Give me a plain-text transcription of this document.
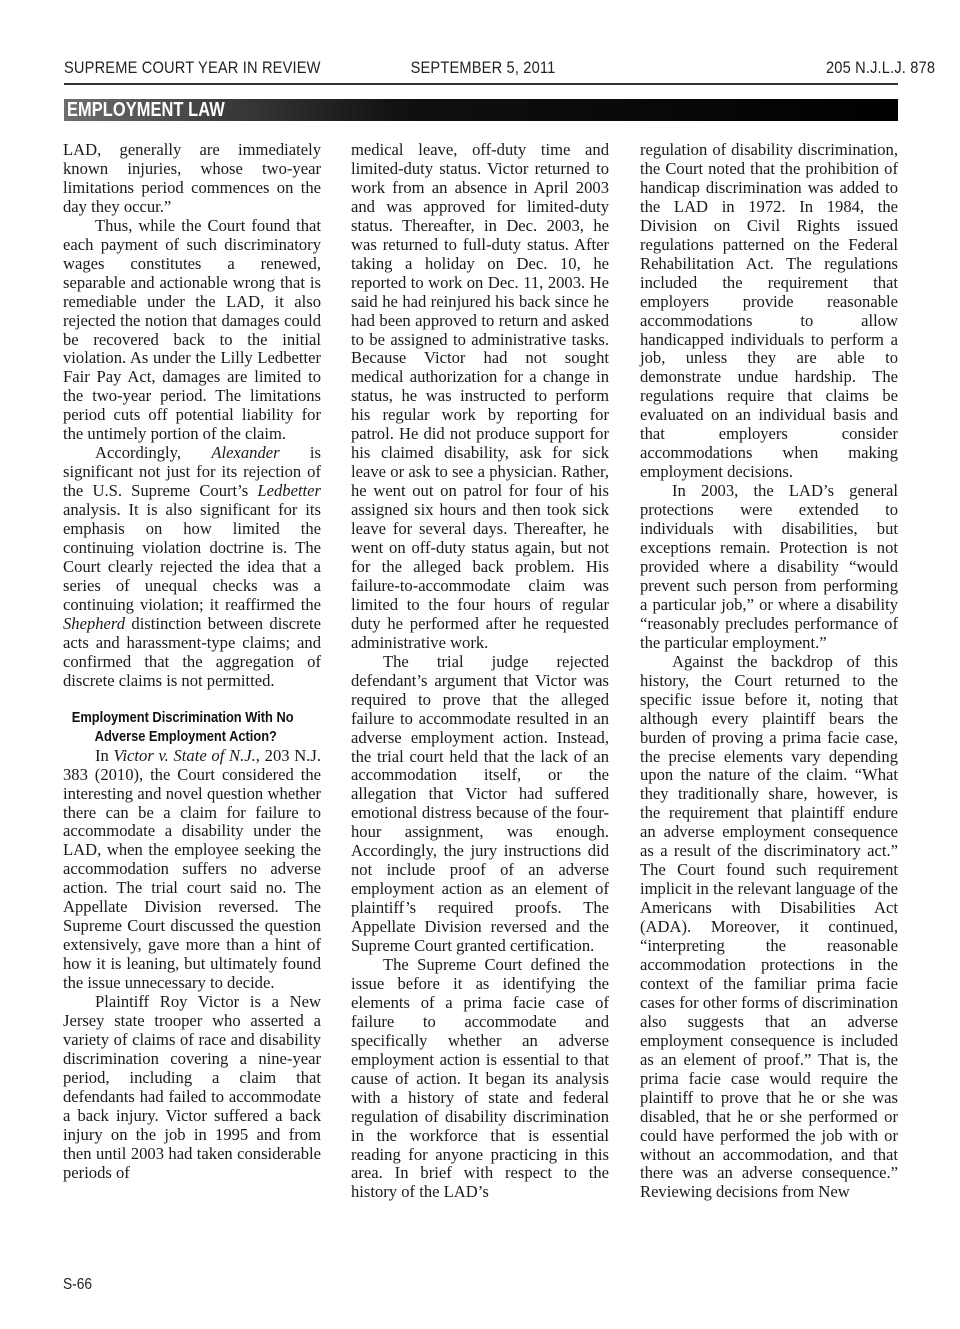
SUPREME COURT YEAR IN REVIEW	SEPTEMBER 5, 2011	205 N.J.L.J. 878
EMPLOYMENT LAW

LAD, generally are immediately known injuries, whose two-year limitations period commences on the day they occur.”

Thus, while the Court found that each payment of such discriminatory wages constitutes a renewed, separable and actionable wrong that is remediable under the LAD, it also rejected the notion that damages could be recovered back to the initial violation. As under the Lilly Ledbetter Fair Pay Act, damages are limited to the two-year period. The limitations period cuts off potential liability for the untimely portion of the claim.

Accordingly, Alexander is significant not just for its rejection of the U.S. Supreme Court’s Ledbetter analysis. It is also significant for its emphasis on how limited the continuing violation doctrine is. The Court clearly rejected the idea that a series of unequal checks was a continuing violation; it reaffirmed the Shepherd distinction between discrete acts and harassment-type claims; and confirmed that the aggregation of discrete claims is not permitted.

Employment Discrimination With No
Adverse Employment Action?

In Victor v. State of N.J., 203 N.J. 383 (2010), the Court considered the interesting and novel question whether there can be a claim for failure to accommodate a disability under the LAD, when the employee seeking the accommodation suffers no adverse action. The trial court said no. The Appellate Division reversed. The Supreme Court discussed the question extensively, gave more than a hint of how it is leaning, but ultimately found the issue unnecessary to decide.

Plaintiff Roy Victor is a New Jersey state trooper who asserted a variety of claims of race and disability discrimination covering a nine-year period, including a claim that defendants had failed to accommodate a back injury. Victor suffered a back injury on the job in 1995 and from then until 2003 had taken considerable periods of

medical leave, off-duty time and limited-duty status. Victor returned to work from an absence in April 2003 and was approved for limited-duty status. Thereafter, in Dec. 2003, he was returned to full-duty status. After taking a holiday on Dec. 10, he reported to work on Dec. 11, 2003. He said he had reinjured his back since he had been approved to return and asked to be assigned to administrative tasks. Because Victor had not sought medical authorization for a change in status, he was instructed to perform his regular work by reporting for patrol. He did not produce support for his claimed disability, ask for sick leave or ask to see a physician. Rather, he went out on patrol for four of his assigned six hours and then took sick leave for several days. Thereafter, he went on off-duty status again, but not for the alleged back problem. His failure-to-accommodate claim was limited to the four hours of regular duty he performed after he requested administrative work.

The trial judge rejected defendant’s argument that Victor was required to prove that the alleged failure to accommodate resulted in an adverse employment action. Instead, the trial court held that the lack of an accommodation itself, or the allegation that Victor had suffered emotional distress because of the four-hour assignment, was enough. Accordingly, the jury instructions did not include proof of an adverse employment action as an element of plaintiff’s required proofs. The Appellate Division reversed and the Supreme Court granted certification.

The Supreme Court defined the issue before it as identifying the elements of a prima facie case of failure to accommodate and specifically whether an adverse employment action is essential to that cause of action. It began its analysis with a history of state and federal regulation of disability discrimination in the workforce that is essential reading for anyone practicing in this area. In brief with respect to the history of the LAD’s

regulation of disability discrimination, the Court noted that the prohibition of handicap discrimination was added to the LAD in 1972. In 1984, the Division on Civil Rights issued regulations patterned on the Federal Rehabilitation Act. The regulations included the requirement that employers provide reasonable accommodations to allow handicapped individuals to perform a job, unless they are able to demonstrate undue hardship. The regulations require that claims be evaluated on an individual basis and that employers consider accommodations when making employment decisions.

In 2003, the LAD’s general protections were extended to individuals with disabilities, but exceptions remain. Protection is not provided where a disability “would prevent such person from performing a particular job,” or where a disability “reasonably precludes performance of the particular employment.”

Against the backdrop of this history, the Court returned to the specific issue before it, noting that although every plaintiff bears the burden of proving a prima facie case, the precise elements vary depending upon the nature of the claim. “What they traditionally share, however, is the requirement that plaintiff endure an adverse employment consequence as a result of the discriminatory act.” The Court found such requirement implicit in the relevant language of the Americans with Disabilities Act (ADA). Moreover, it continued, “interpreting the reasonable accommodation protections in the context of the familiar prima facie cases for other forms of discrimination also suggests that an adverse employment consequence is included as an element of proof.” That is, the prima facie case would require the plaintiff to prove that he or she was disabled, that he or she performed or could have performed the job with or without an accommodation, and that there was an adverse consequence.” Reviewing decisions from New

S-66
